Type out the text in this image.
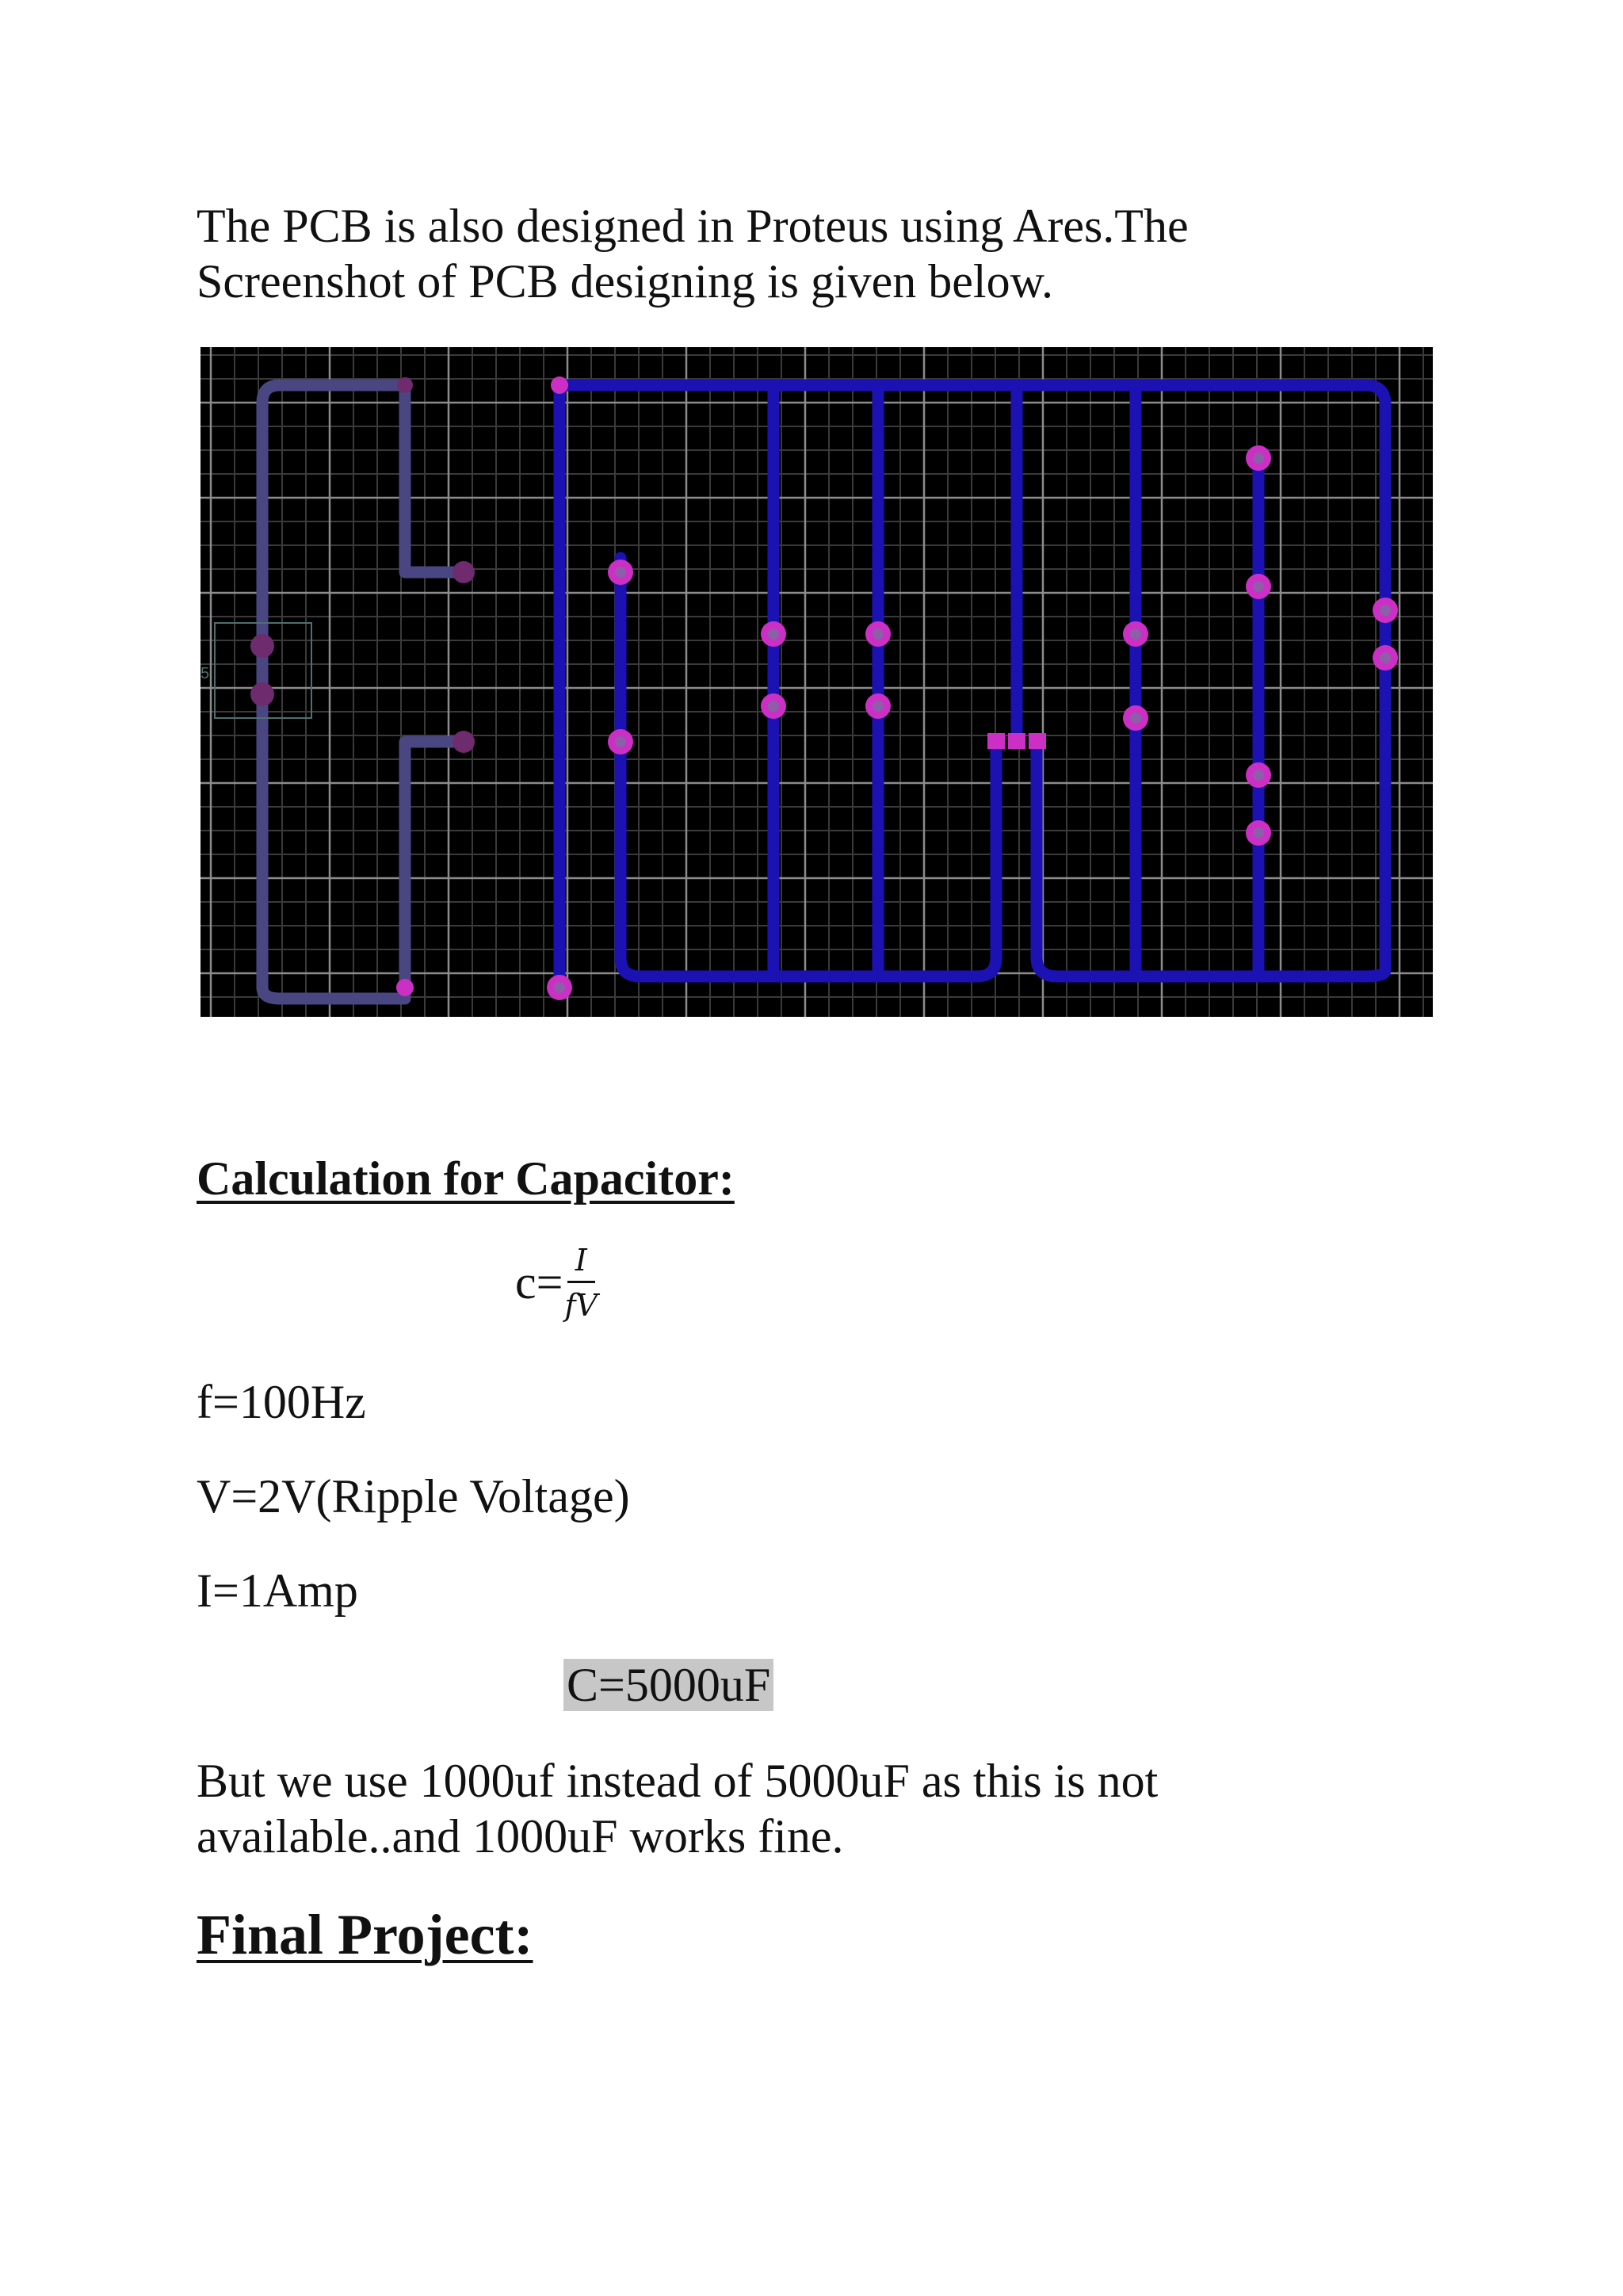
The PCB is also designed in Proteus using Ares.The
Screenshot of PCB designing is given below.
5
Calculation for Capacitor:
$c= \frac{I}{fV}$
f=100Hz
V=2V(Ripple Voltage)
I=1Amp
C=5000uF
But we use 1000uf instead of 5000uF as this is not
available..and 1000uF works fine.
Final Project:
